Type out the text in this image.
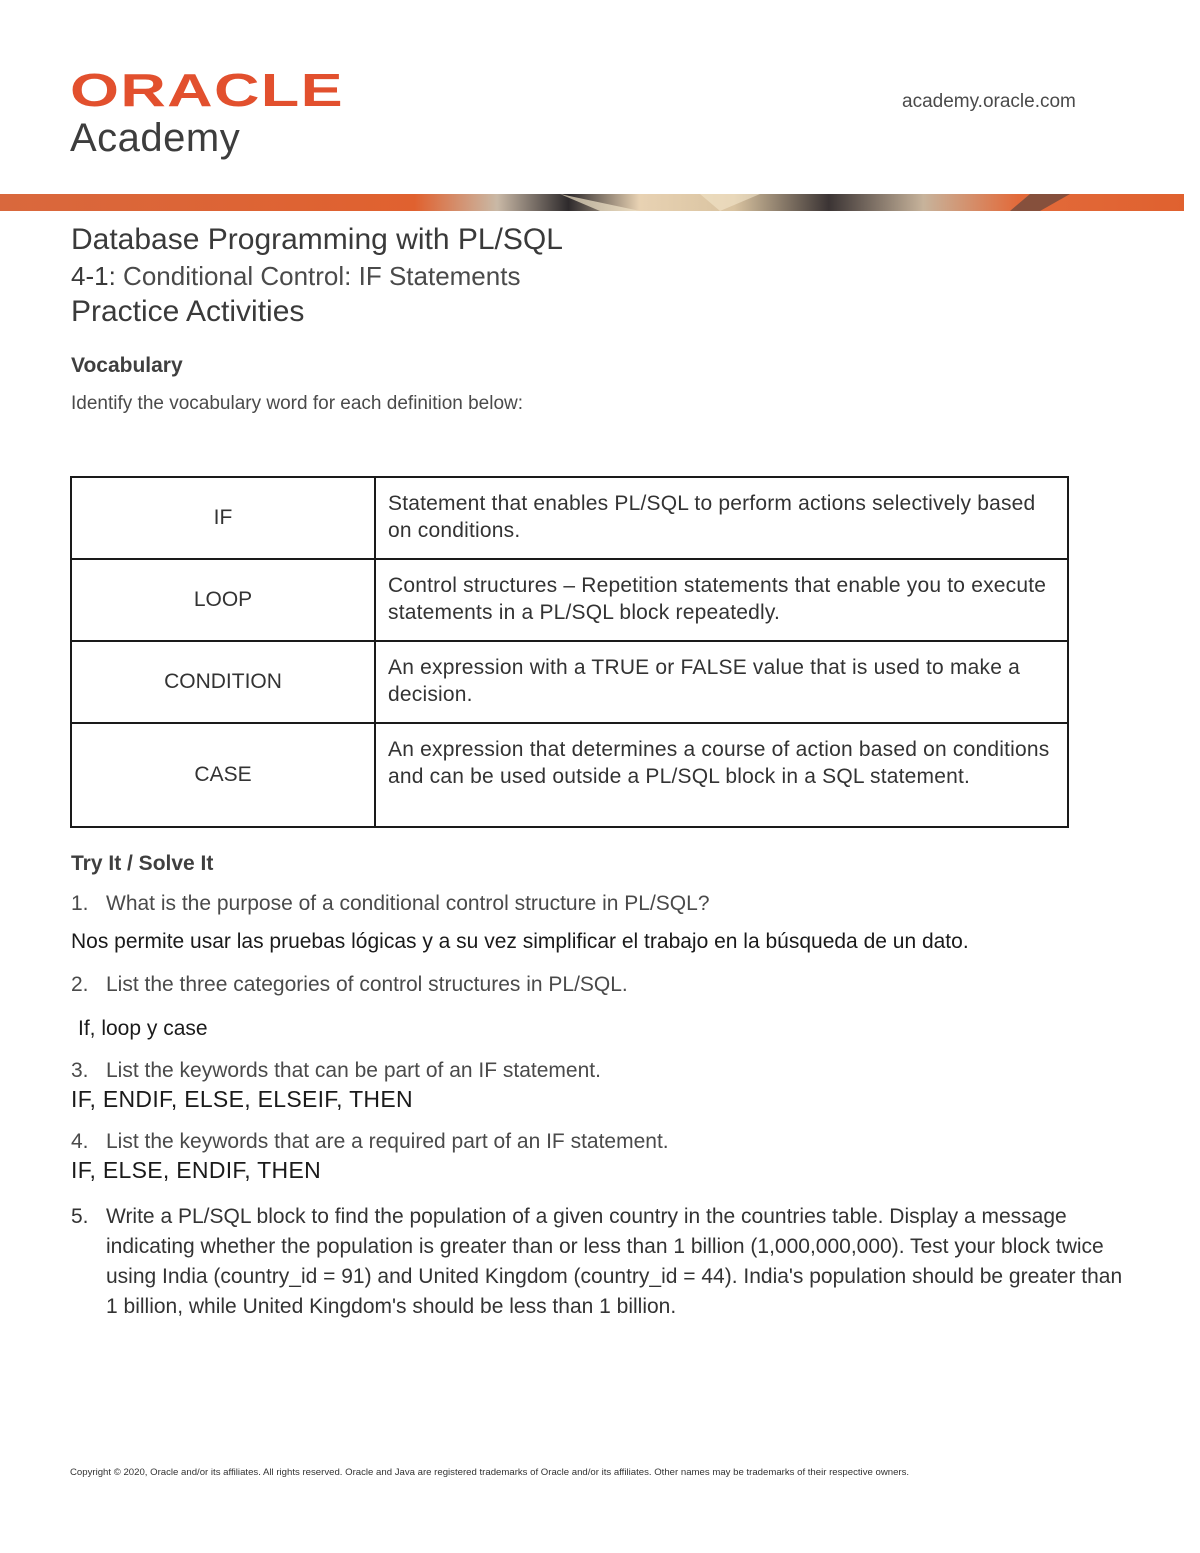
ORACLE
Academy
academy.oracle.com
Database Programming with PL/SQL
4-1: Conditional Control: IF Statements
Practice Activities
Vocabulary
Identify the vocabulary word for each definition below:
IF	Statement that enables PL/SQL to perform actions selectively based on conditions.
LOOP	Control structures – Repetition statements that enable you to execute statements in a PL/SQL block repeatedly.
CONDITION	An expression with a TRUE or FALSE value that is used to make a decision.
CASE	An expression that determines a course of action based on conditions and can be used outside a PL/SQL block in a SQL statement.
Try It / Solve It
1. What is the purpose of a conditional control structure in PL/SQL?
Nos permite usar las pruebas lógicas y a su vez simplificar el trabajo en la búsqueda de un dato.
2. List the three categories of control structures in PL/SQL.
If, loop y case
3. List the keywords that can be part of an IF statement.
IF, ENDIF, ELSE, ELSEIF, THEN
4. List the keywords that are a required part of an IF statement.
IF, ELSE, ENDIF, THEN
5. Write a PL/SQL block to find the population of a given country in the countries table. Display a message indicating whether the population is greater than or less than 1 billion (1,000,000,000). Test your block twice using India (country_id = 91) and United Kingdom (country_id = 44). India's population should be greater than 1 billion, while United Kingdom's should be less than 1 billion.
Copyright © 2020, Oracle and/or its affiliates. All rights reserved. Oracle and Java are registered trademarks of Oracle and/or its affiliates. Other names may be trademarks of their respective owners.
